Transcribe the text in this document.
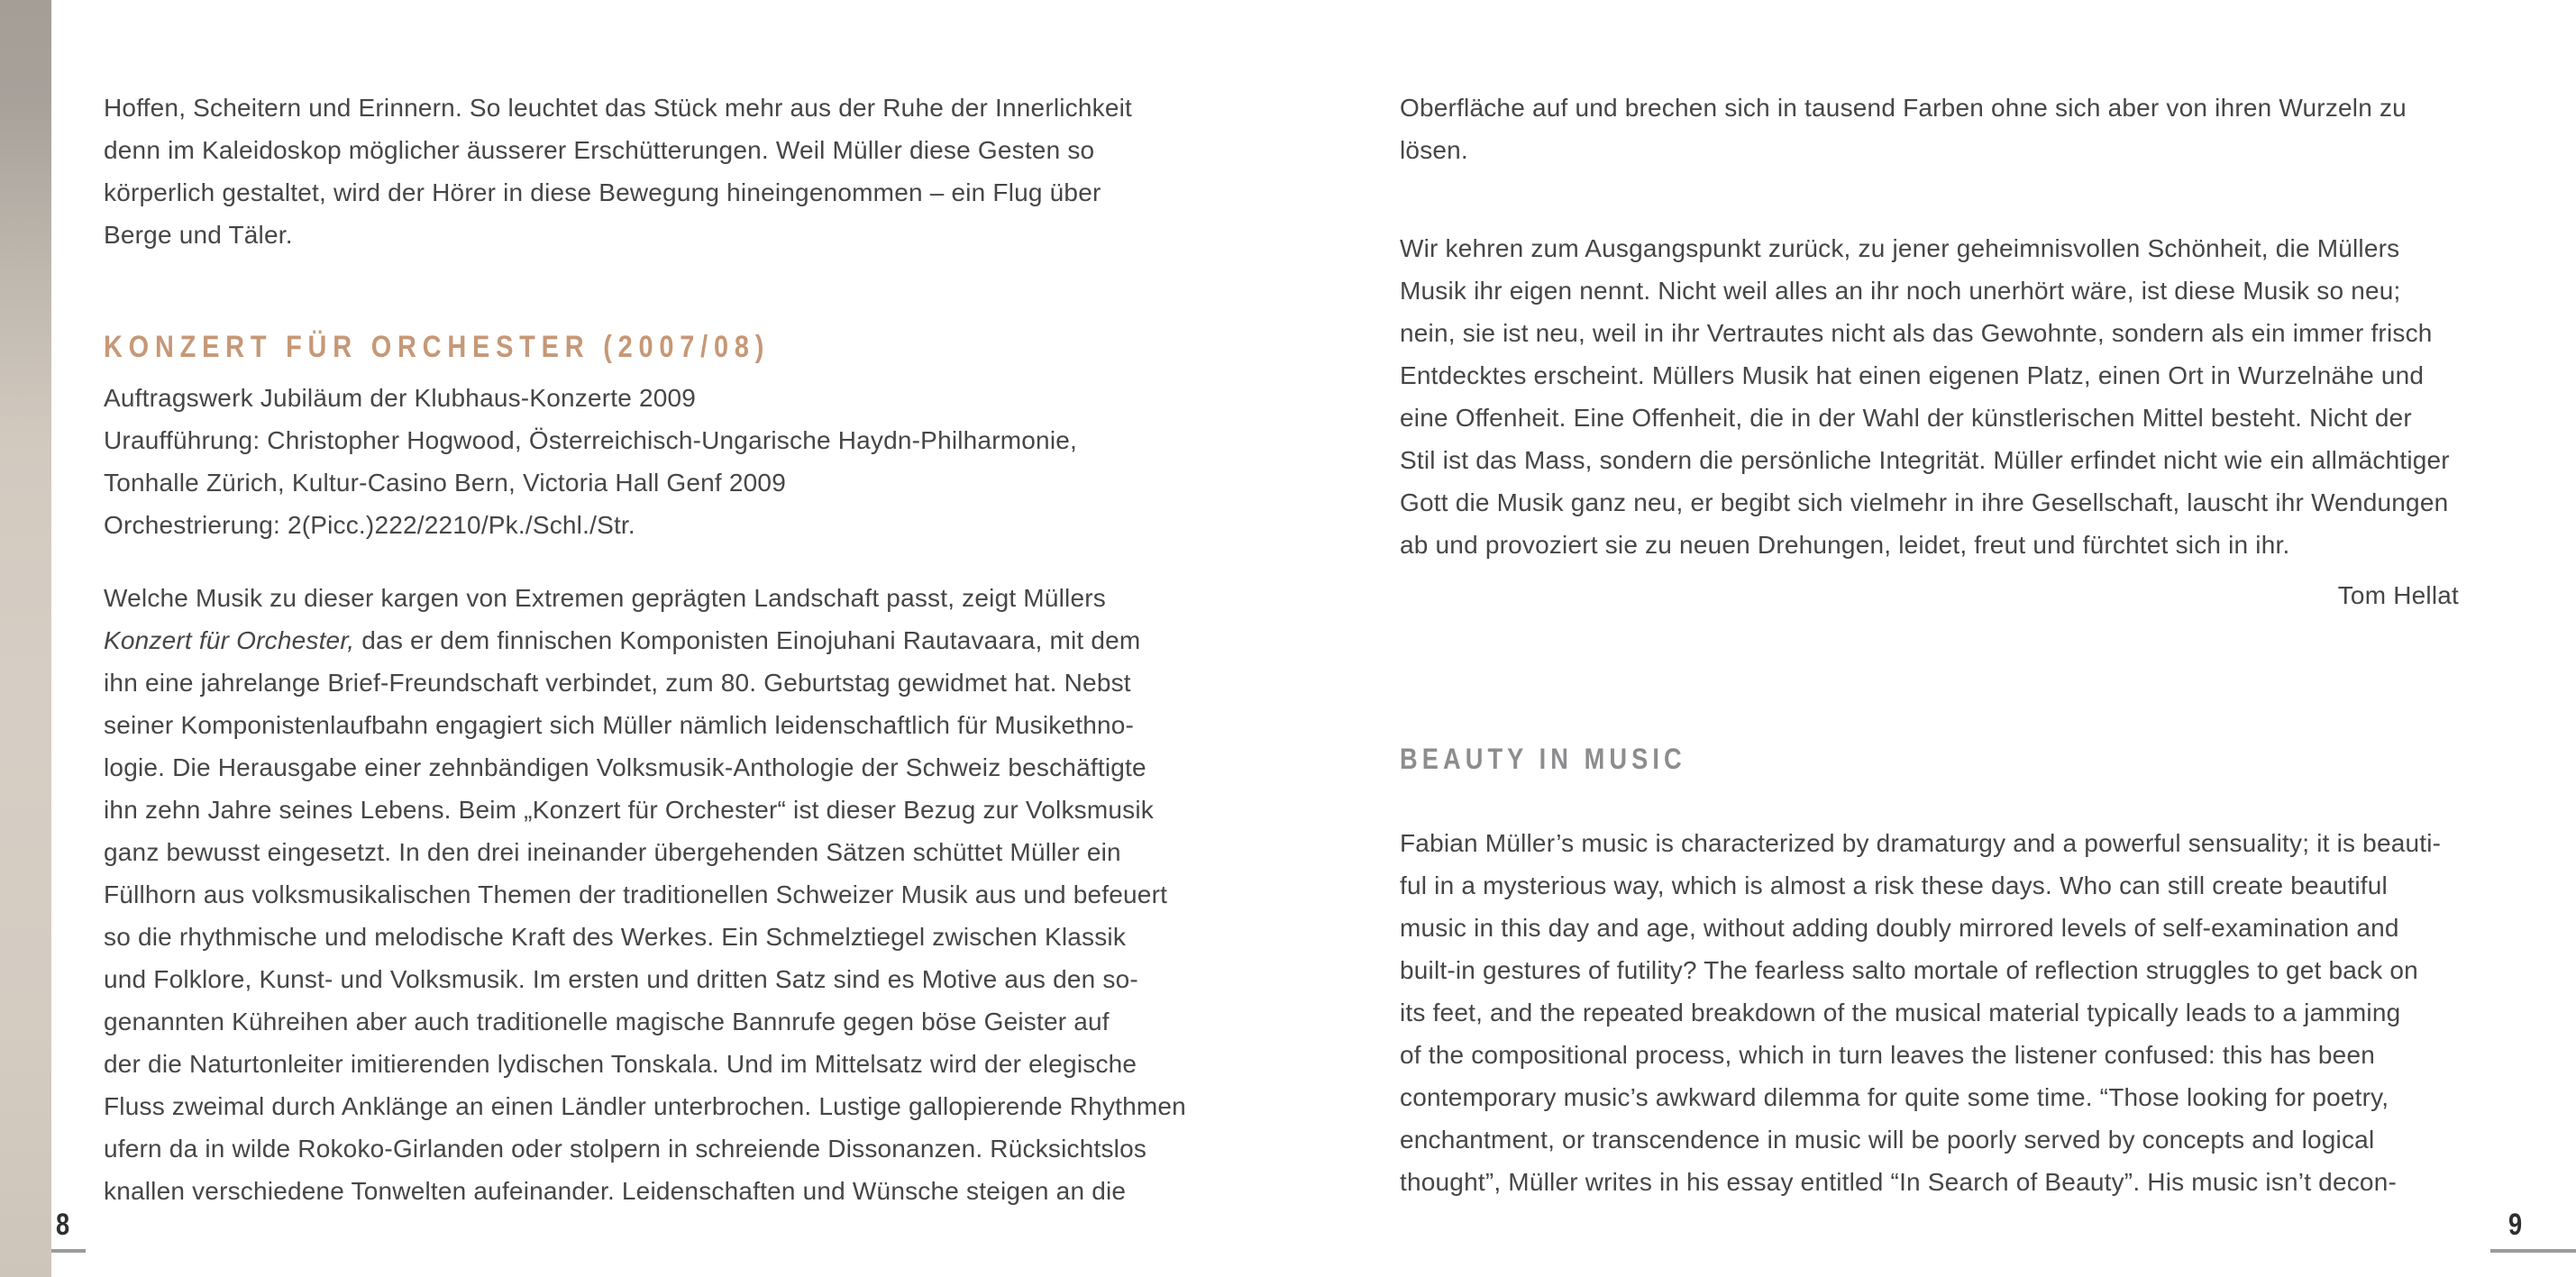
Hoffen, Scheitern und Erinnern. So leuchtet das Stück mehr aus der Ruhe der Innerlichkeit
denn im Kaleidoskop möglicher äusserer Erschütterungen. Weil Müller diese Gesten so
körperlich gestaltet, wird der Hörer in diese Bewegung hineingenommen – ein Flug über
Berge und Täler.
KONZERT FÜR ORCHESTER (2007/08)
Auftragswerk Jubiläum der Klubhaus-Konzerte 2009
Uraufführung: Christopher Hogwood, Österreichisch-Ungarische Haydn-Philharmonie,
Tonhalle Zürich, Kultur-Casino Bern, Victoria Hall Genf 2009
Orchestrierung: 2(Picc.)222/2210/Pk./Schl./Str.
Welche Musik zu dieser kargen von Extremen geprägten Landschaft passt, zeigt Müllers
Konzert für Orchester, das er dem finnischen Komponisten Einojuhani Rautavaara, mit dem
ihn eine jahrelange Brief-Freundschaft verbindet, zum 80. Geburtstag gewidmet hat. Nebst
seiner Komponistenlaufbahn engagiert sich Müller nämlich leidenschaftlich für Musikethno-
logie. Die Herausgabe einer zehnbändigen Volksmusik-Anthologie der Schweiz beschäftigte
ihn zehn Jahre seines Lebens. Beim „Konzert für Orchester“ ist dieser Bezug zur Volksmusik
ganz bewusst eingesetzt. In den drei ineinander übergehenden Sätzen schüttet Müller ein
Füllhorn aus volksmusikalischen Themen der traditionellen Schweizer Musik aus und befeuert
so die rhythmische und melodische Kraft des Werkes. Ein Schmelztiegel zwischen Klassik
und Folklore, Kunst- und Volksmusik. Im ersten und dritten Satz sind es Motive aus den so-
genannten Kühreihen aber auch traditionelle magische Bannrufe gegen böse Geister auf
der die Naturtonleiter imitierenden lydischen Tonskala. Und im Mittelsatz wird der elegische
Fluss zweimal durch Anklänge an einen Ländler unterbrochen. Lustige gallopierende Rhythmen
ufern da in wilde Rokoko-Girlanden oder stolpern in schreiende Dissonanzen. Rücksichtslos
knallen verschiedene Tonwelten aufeinander. Leidenschaften und Wünsche steigen an die
Oberfläche auf und brechen sich in tausend Farben ohne sich aber von ihren Wurzeln zu
lösen.
Wir kehren zum Ausgangspunkt zurück, zu jener geheimnisvollen Schönheit, die Müllers
Musik ihr eigen nennt. Nicht weil alles an ihr noch unerhört wäre, ist diese Musik so neu;
nein, sie ist neu, weil in ihr Vertrautes nicht als das Gewohnte, sondern als ein immer frisch
Entdecktes erscheint. Müllers Musik hat einen eigenen Platz, einen Ort in Wurzelnähe und
eine Offenheit. Eine Offenheit, die in der Wahl der künstlerischen Mittel besteht. Nicht der
Stil ist das Mass, sondern die persönliche Integrität. Müller erfindet nicht wie ein allmächtiger
Gott die Musik ganz neu, er begibt sich vielmehr in ihre Gesellschaft, lauscht ihr Wendungen
ab und provoziert sie zu neuen Drehungen, leidet, freut und fürchtet sich in ihr.
Tom Hellat
BEAUTY IN MUSIC
Fabian Müller’s music is characterized by dramaturgy and a powerful sensuality; it is beauti-
ful in a mysterious way, which is almost a risk these days. Who can still create beautiful
music in this day and age, without adding doubly mirrored levels of self-examination and
built-in gestures of futility? The fearless salto mortale of reflection struggles to get back on
its feet, and the repeated breakdown of the musical material typically leads to a jamming
of the compositional process, which in turn leaves the listener confused: this has been
contemporary music’s awkward dilemma for quite some time. “Those looking for poetry,
enchantment, or transcendence in music will be poorly served by concepts and logical
thought”, Müller writes in his essay entitled “In Search of Beauty”. His music isn’t decon-
8	9
